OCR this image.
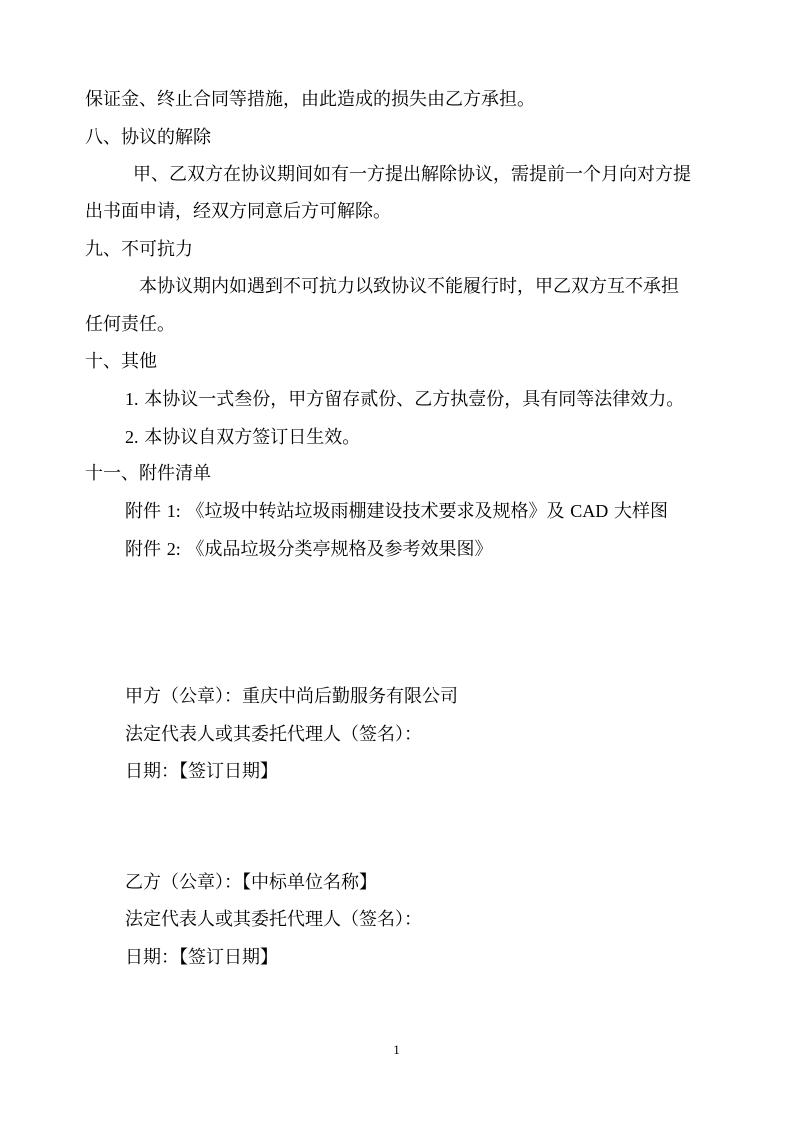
保证金、终止合同等措施，由此造成的损失由乙方承担。
八、协议的解除
甲、乙双方在协议期间如有一方提出解除协议，需提前一个月向对方提
出书面申请，经双方同意后方可解除。
九、不可抗力
本协议期内如遇到不可抗力以致协议不能履行时，甲乙双方互不承担
任何责任。
十、其他
1. 本协议一式叁份，甲方留存贰份、乙方执壹份，具有同等法律效力。
2. 本协议自双方签订日生效。
十一、附件清单
附件 1: 《垃圾中转站垃圾雨棚建设技术要求及规格》及 CAD 大样图
附件 2: 《成品垃圾分类亭规格及参考效果图》
甲方（公章）：重庆中尚后勤服务有限公司
法定代表人或其委托代理人（签名）：
日期：【签订日期】
乙方（公章）：【中标单位名称】
法定代表人或其委托代理人（签名）：
日期：【签订日期】
1
